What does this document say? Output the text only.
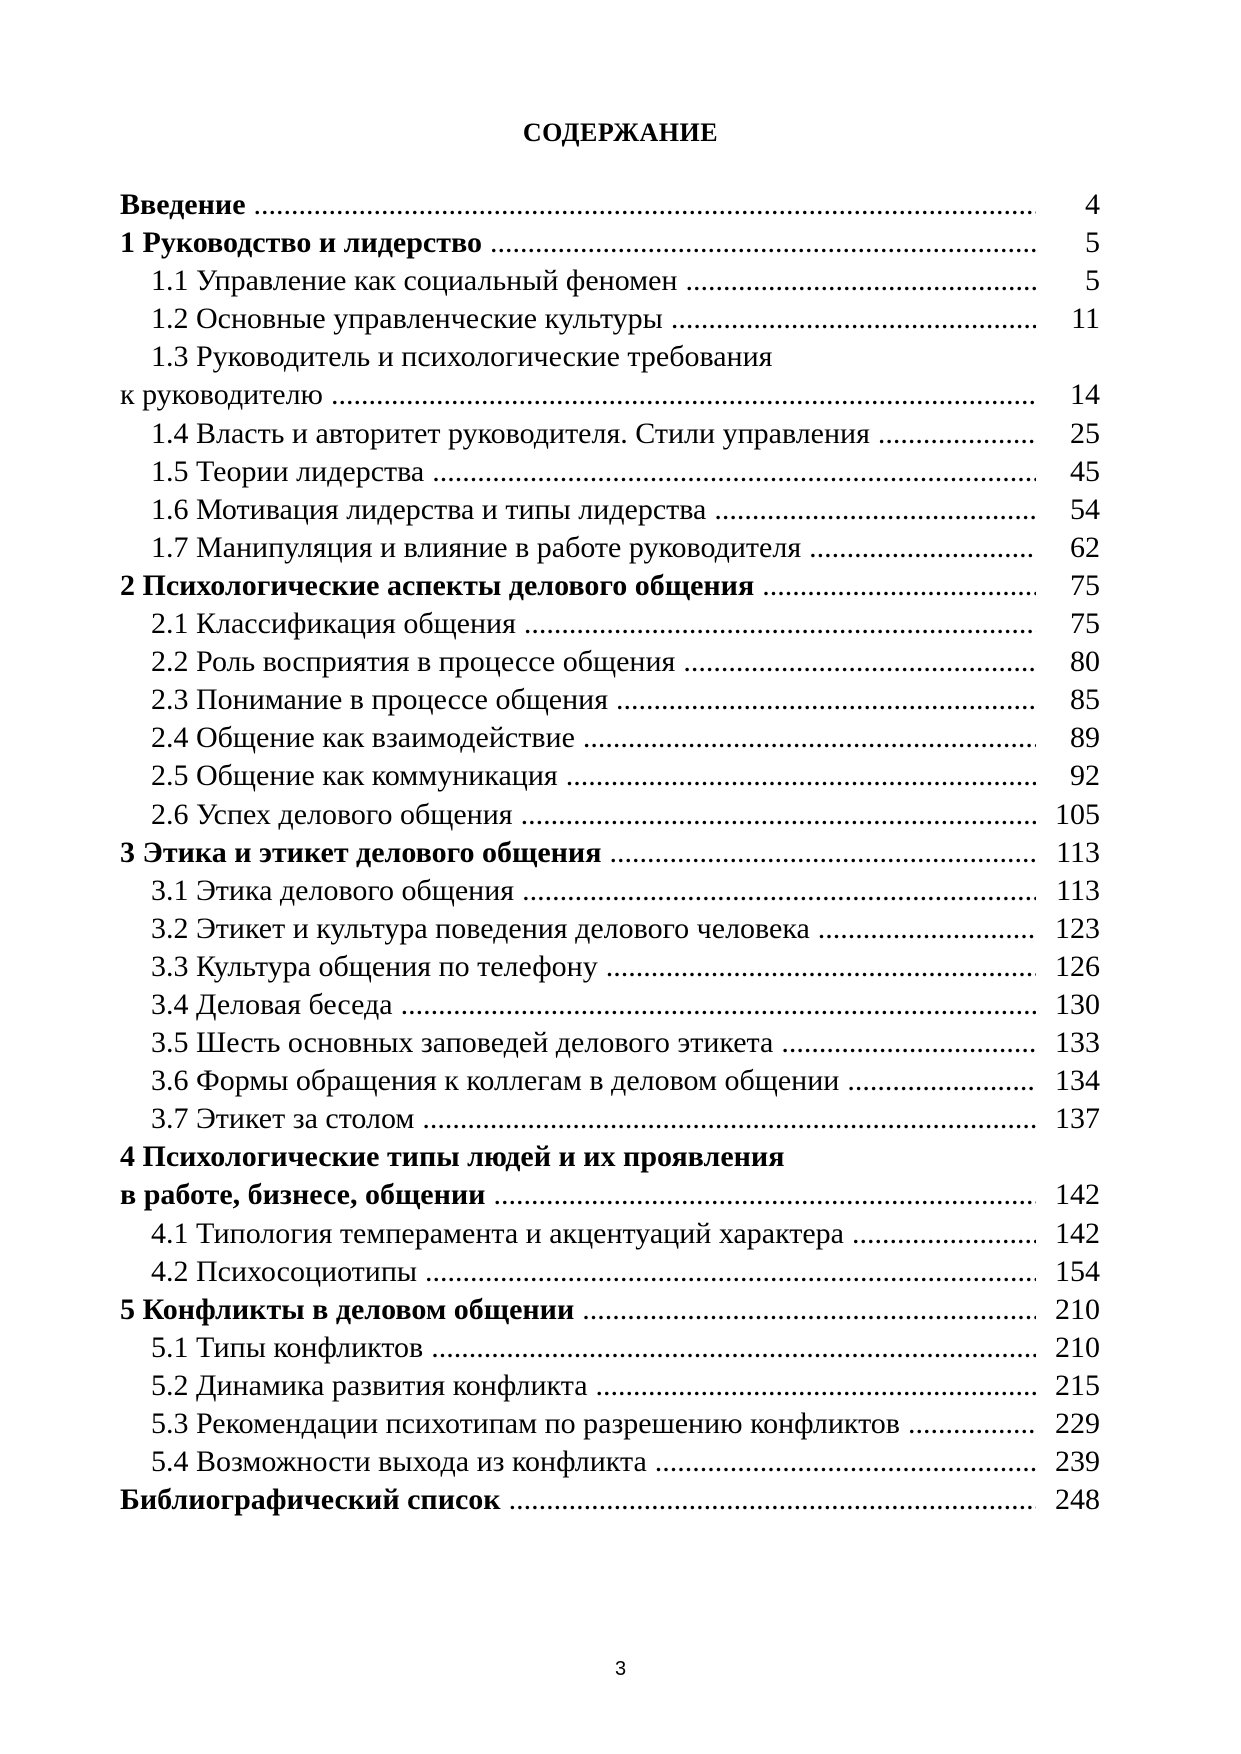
СОДЕРЖАНИЕ
Введение .....	4
1 Руководство и лидерство .....	5
1.1 Управление как социальный феномен .....	5
1.2 Основные управленческие культуры .....	11
1.3 Руководитель и психологические требования
к руководителю .....	14
1.4 Власть и авторитет руководителя. Стили управления .....	25
1.5 Теории лидерства .....	45
1.6 Мотивация лидерства и типы лидерства .....	54
1.7 Манипуляция и влияние в работе руководителя .....	62
2 Психологические аспекты делового общения .....	75
2.1 Классификация общения .....	75
2.2 Роль восприятия в процессе общения .....	80
2.3 Понимание в процессе общения .....	85
2.4 Общение как взаимодействие .....	89
2.5 Общение как коммуникация .....	92
2.6 Успех делового общения .....	105
3 Этика и этикет делового общения .....	113
3.1 Этика делового общения .....	113
3.2 Этикет и культура поведения делового человека .....	123
3.3 Культура общения по телефону .....	126
3.4 Деловая беседа .....	130
3.5 Шесть основных заповедей делового этикета .....	133
3.6 Формы обращения к коллегам в деловом общении .....	134
3.7 Этикет за столом .....	137
4 Психологические типы людей и их проявления
в работе, бизнесе, общении .....	142
4.1 Типология темперамента и акцентуаций характера .....	142
4.2 Психосоциотипы .....	154
5 Конфликты в деловом общении .....	210
5.1 Типы конфликтов .....	210
5.2 Динамика развития конфликта .....	215
5.3 Рекомендации психотипам по разрешению конфликтов .....	229
5.4 Возможности выхода из конфликта .....	239
Библиографический список .....	248
3
